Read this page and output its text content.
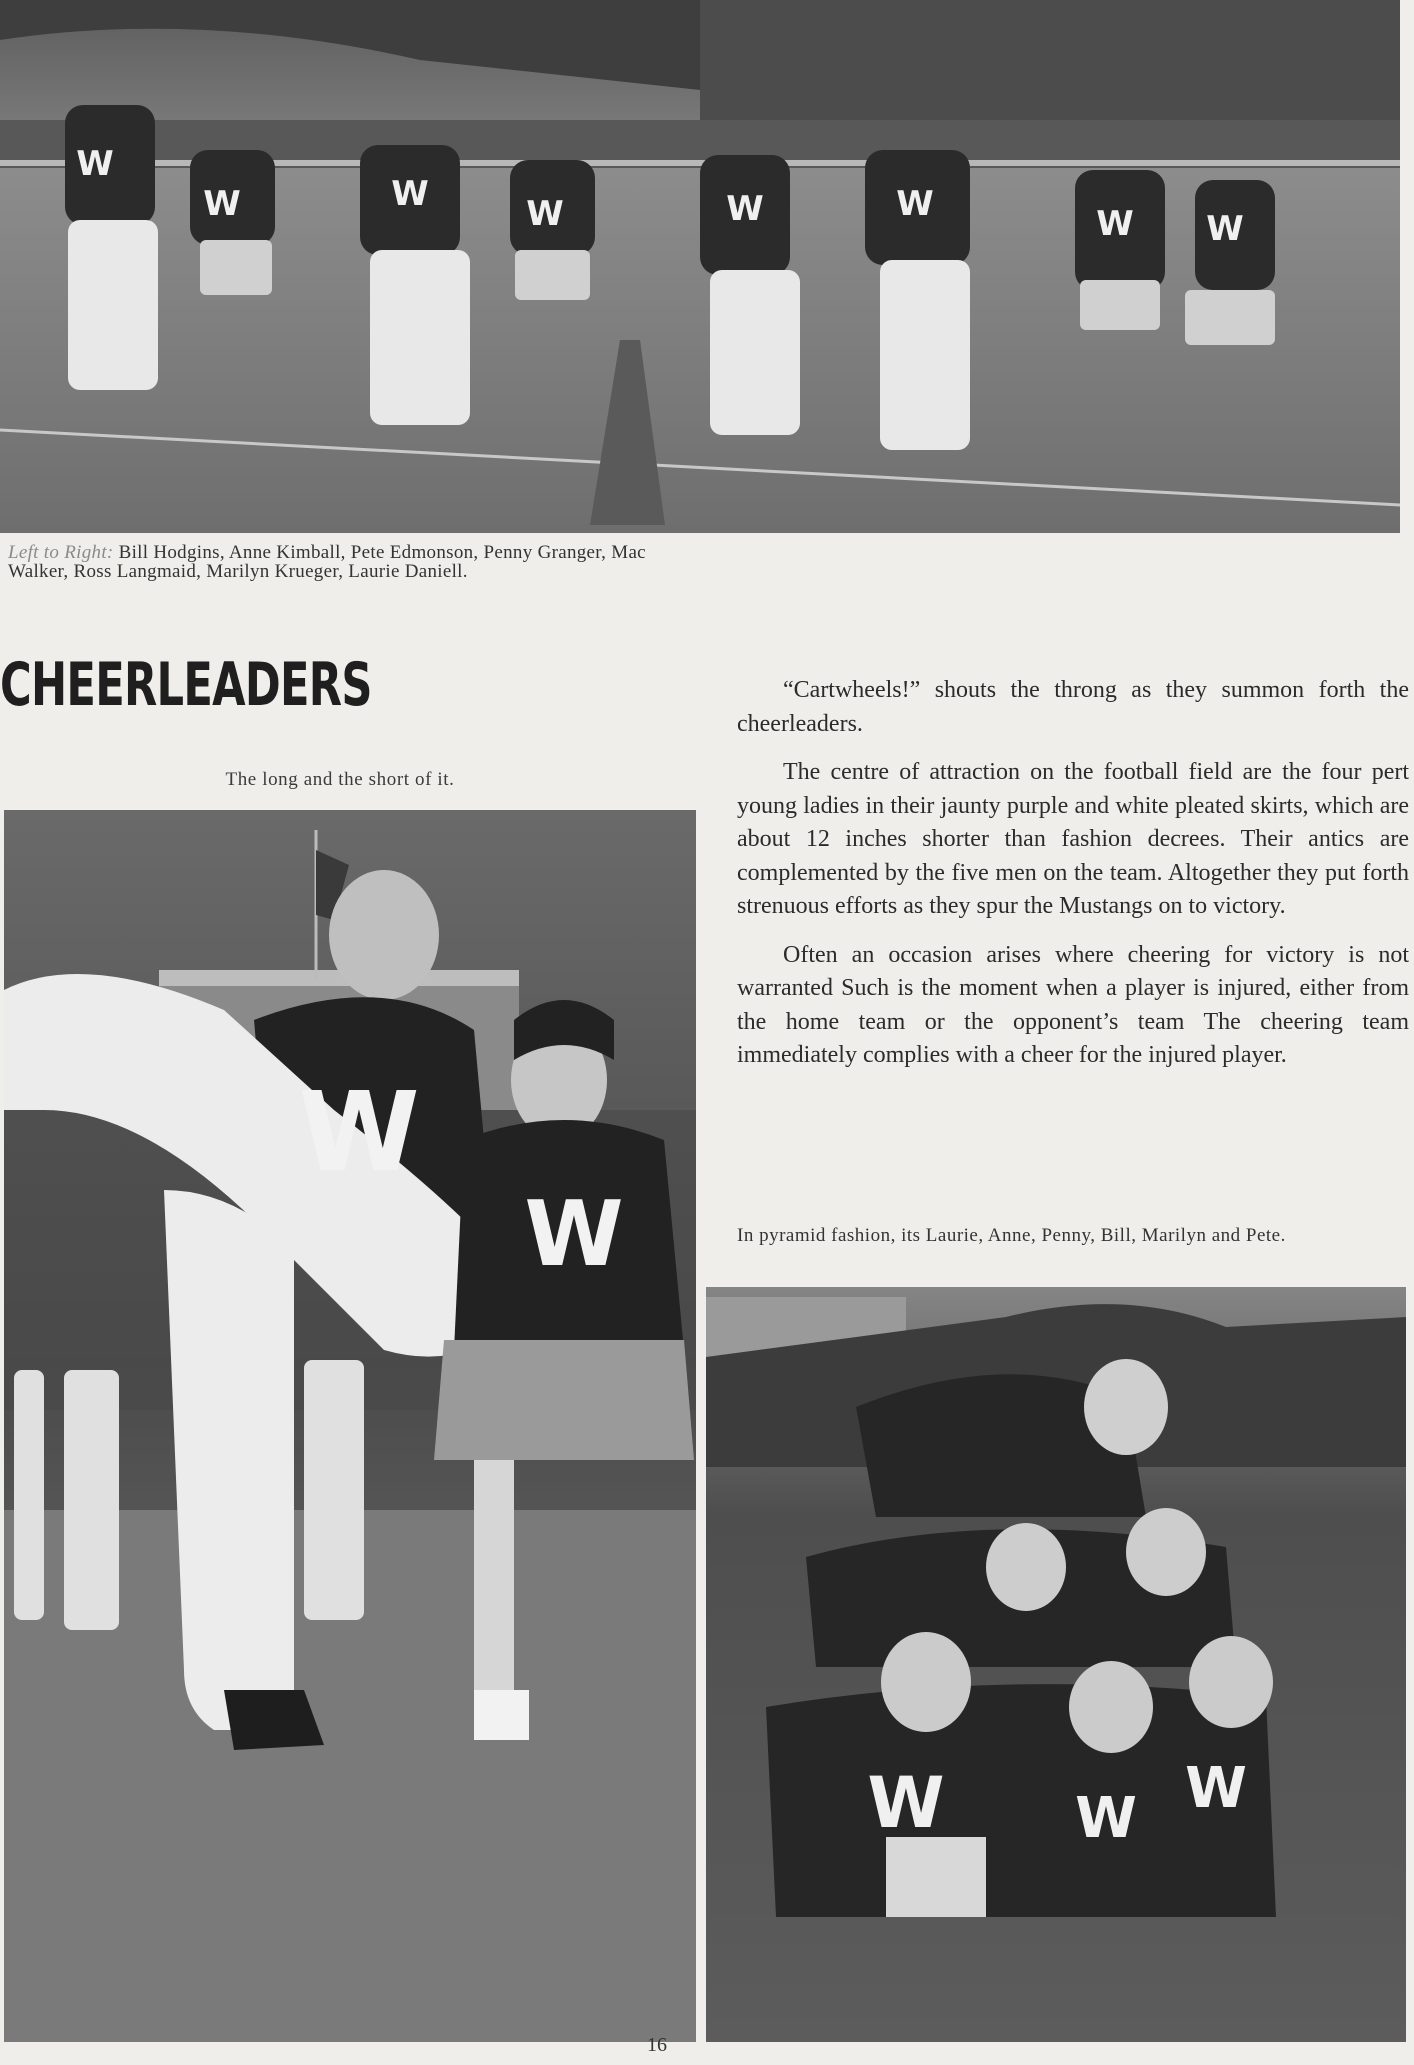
W
W	W	W	W	W	W W
Left to Right: Bill Hodgins, Anne Kimball, Pete Edmonson, Penny Granger, Mac Walker, Ross Langmaid, Marilyn Krueger, Laurie Daniell.
CHEERLEADERS
The long and the short of it.
W
W

“Cartwheels!” shouts the throng as they summon forth the cheerleaders.

The centre of attraction on the football field are the four pert young ladies in their jaunty purple and white pleated skirts, which are about 12 inches shorter than fashion decrees. Their antics are complemented by the five men on the team. Altogether they put forth strenuous efforts as they spur the Mustangs on to victory.

Often an occasion arises where cheering for victory is not warranted Such is the moment when a player is injured, either from the home team or the opponent’s team The cheering team immediately complies with a cheer for the injured player.

In pyramid fashion, its Laurie, Anne, Penny, Bill, Marilyn and Pete.
W W W
16
